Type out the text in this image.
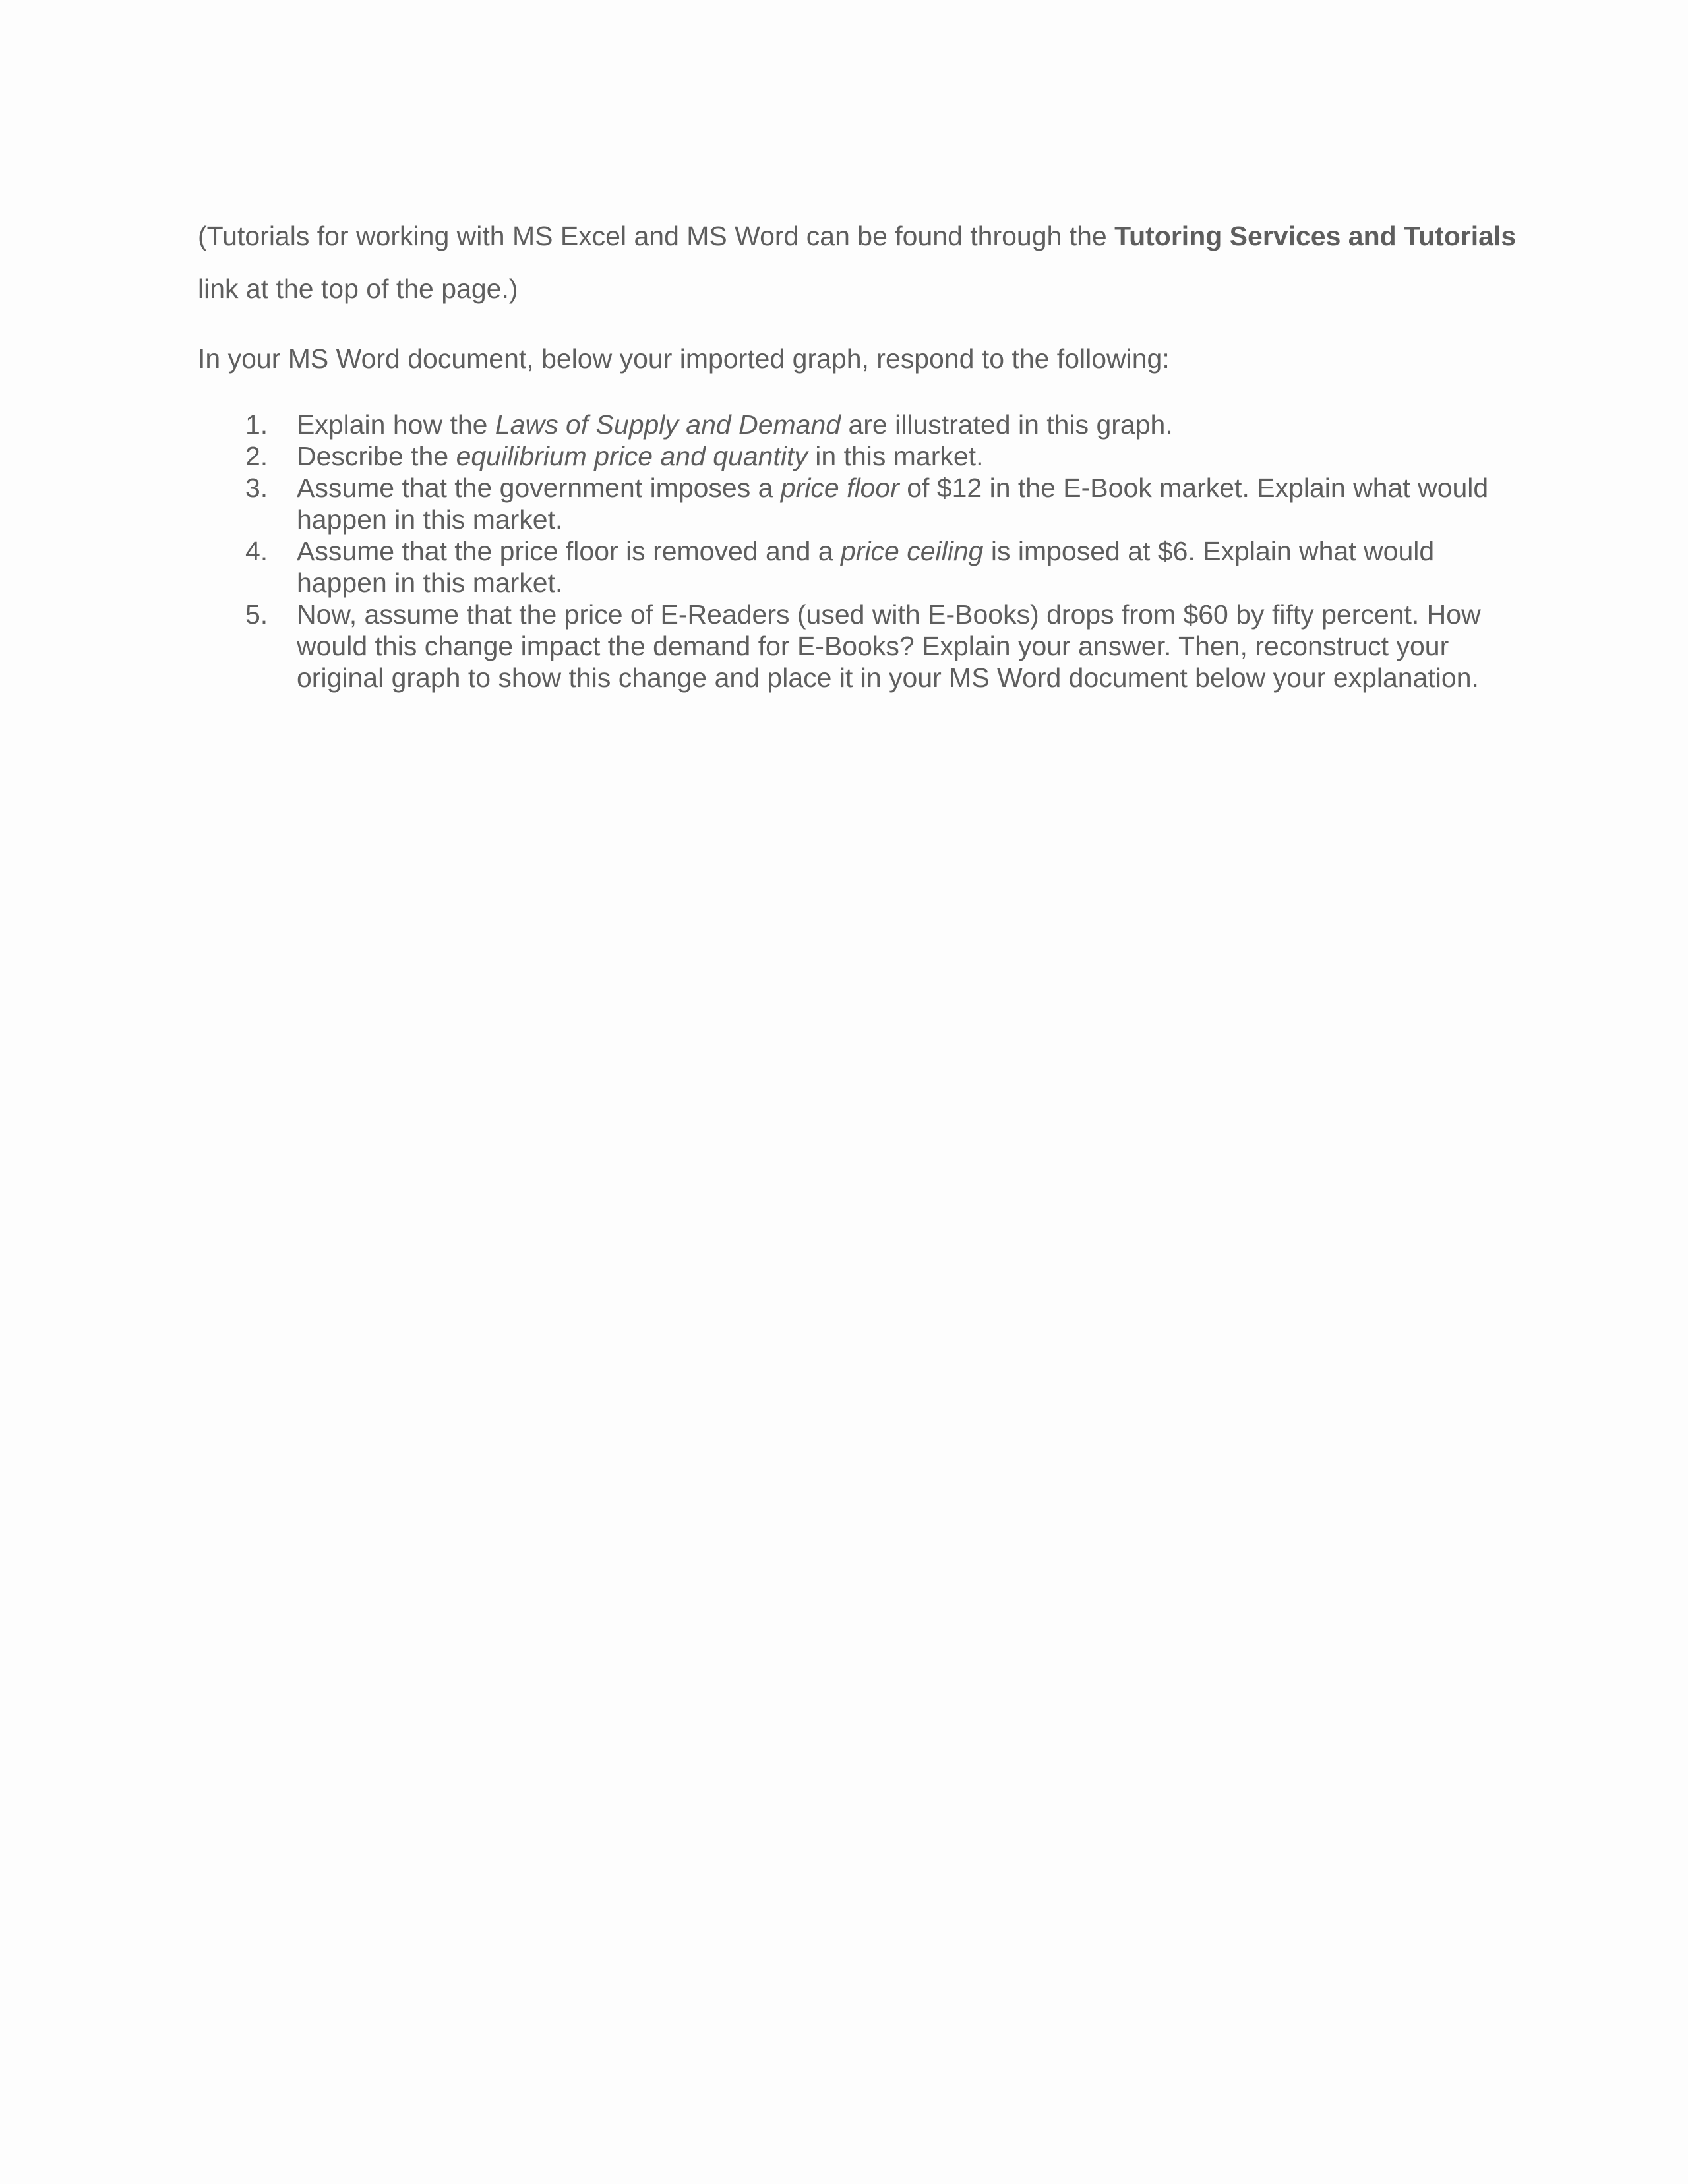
(Tutorials for working with MS Excel and MS Word can be found through the Tutoring Services and Tutorials link at the top of the page.)

In your MS Word document, below your imported graph, respond to the following:

1.	Explain how the Laws of Supply and Demand are illustrated in this graph.
2.	Describe the equilibrium price and quantity in this market.
3.	Assume that the government imposes a price floor of $12 in the E-Book market. Explain what would happen in this market.
4.	Assume that the price floor is removed and a price ceiling is imposed at $6. Explain what would happen in this market.
5.	Now, assume that the price of E-Readers (used with E-Books) drops from $60 by fifty percent. How would this change impact the demand for E-Books? Explain your answer. Then, reconstruct your original graph to show this change and place it in your MS Word document below your explanation.
